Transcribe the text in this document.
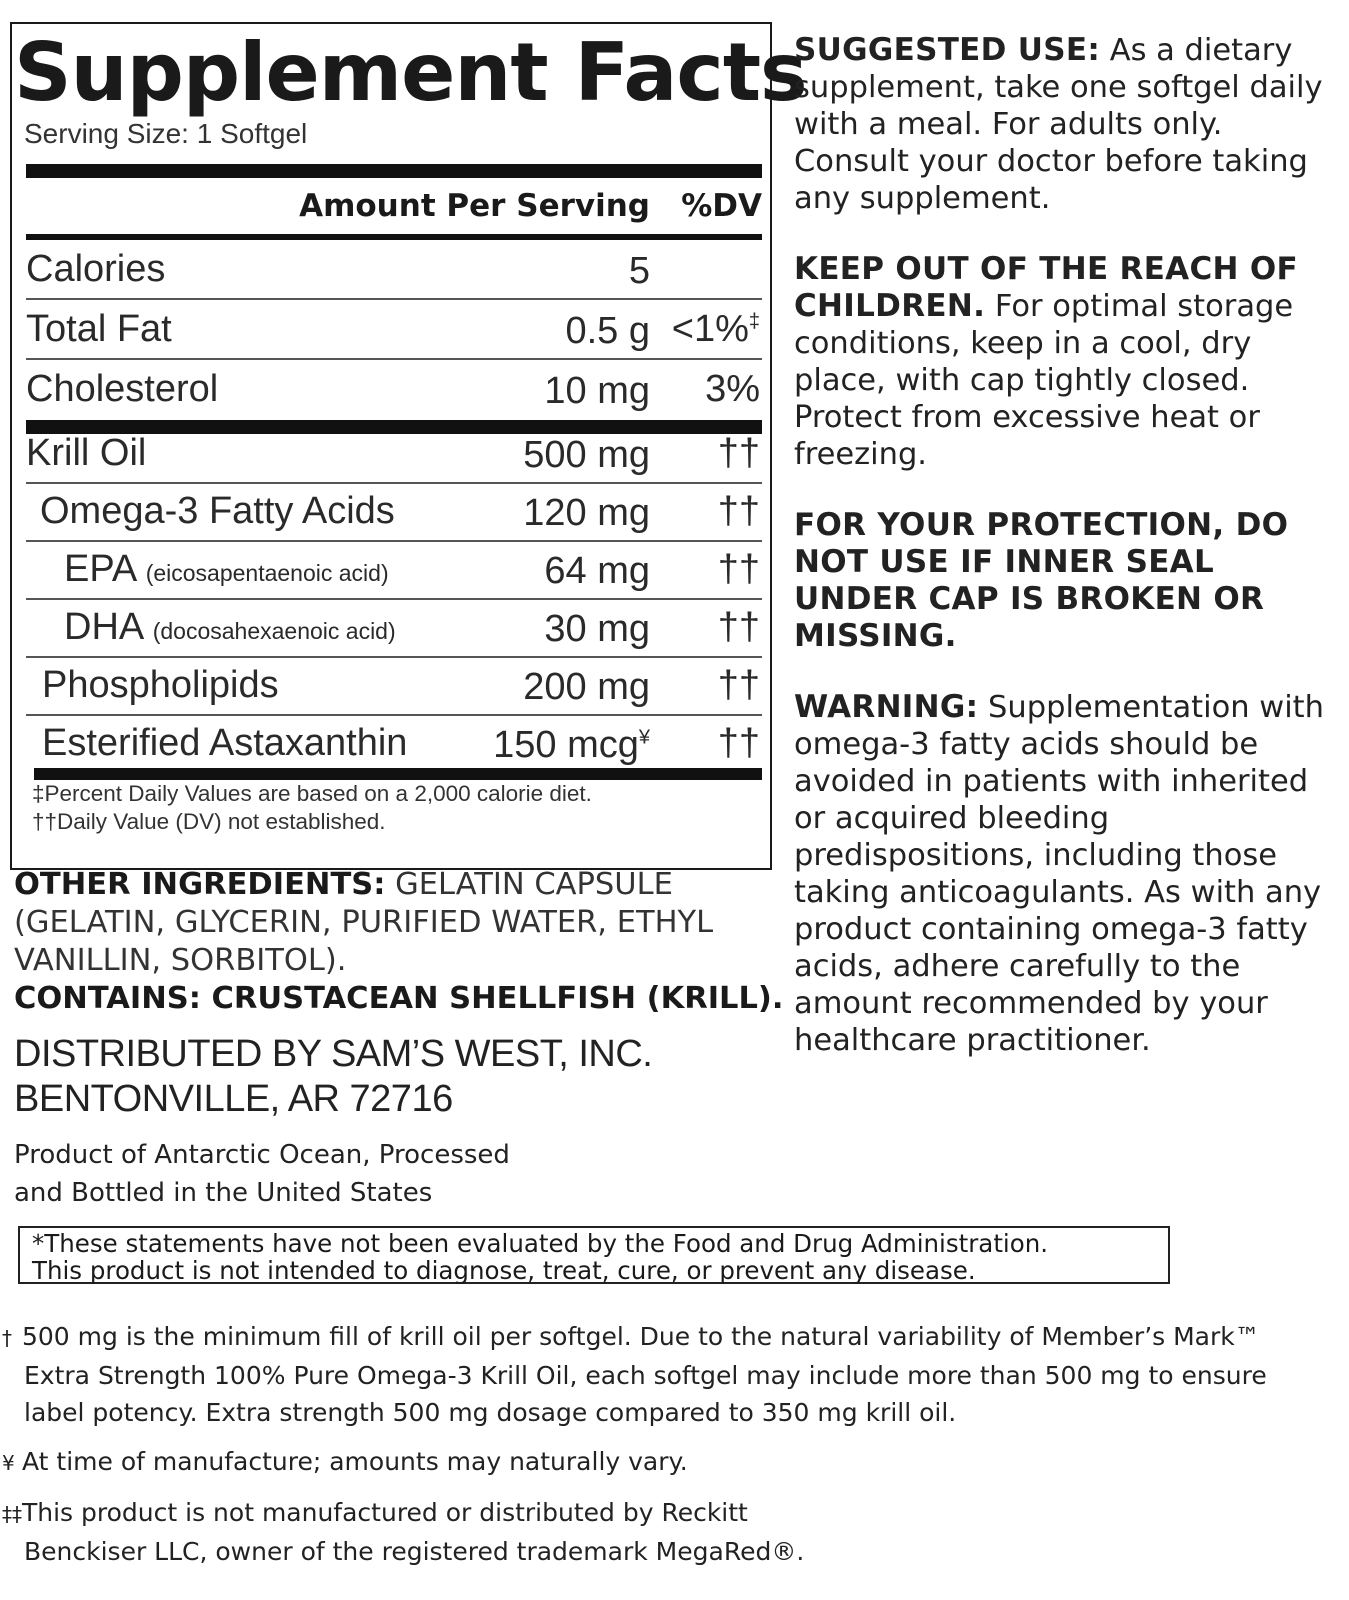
Supplement Facts
Serving Size: 1 Softgel
Amount Per Serving %DV
Calories	5
Total Fat	0.5 g <1%‡
Cholesterol	10 mg 3%
Krill Oil	500 mg ††
Omega-3 Fatty Acids	120 mg ††
EPA (eicosapentaenoic acid)	64 mg ††
DHA (docosahexaenoic acid)	30 mg ††
Phospholipids	200 mg ††
Esterified Astaxanthin 150 mcg¥ ††
‡Percent Daily Values are based on a 2,000 calorie diet.
††Daily Value (DV) not established.

SUGGESTED USE: As a dietary supplement, take one softgel daily with a meal. For adults only. Consult your doctor before taking any supplement.

KEEP OUT OF THE REACH OF CHILDREN. For optimal storage conditions, keep in a cool, dry place, with cap tightly closed. Protect from excessive heat or freezing.

FOR YOUR PROTECTION, DO NOT USE IF INNER SEAL UNDER CAP IS BROKEN OR MISSING.

WARNING: Supplementation with omega-3 fatty acids should be avoided in patients with inherited or acquired bleeding predispositions, including those taking anticoagulants. As with any product containing omega-3 fatty acids, adhere carefully to the amount recommended by your healthcare practitioner.

OTHER INGREDIENTS: GELATIN CAPSULE (GELATIN, GLYCERIN, PURIFIED WATER, ETHYL VANILLIN, SORBITOL).
CONTAINS: CRUSTACEAN SHELLFISH (KRILL).
DISTRIBUTED BY SAM’S WEST, INC.
BENTONVILLE, AR 72716
Product of Antarctic Ocean, Processed
and Bottled in the United States
*These statements have not been evaluated by the Food and Drug Administration.
This product is not intended to diagnose, treat, cure, or prevent any disease.

† 500 mg is the minimum fill of krill oil per softgel. Due to the natural variability of Member’s Mark™
Extra Strength 100% Pure Omega-3 Krill Oil, each softgel may include more than 500 mg to ensure
label potency. Extra strength 500 mg dosage compared to 350 mg krill oil.

¥ At time of manufacture; amounts may naturally vary.

‡‡This product is not manufactured or distributed by Reckitt
Benckiser LLC, owner of the registered trademark MegaRed®.
